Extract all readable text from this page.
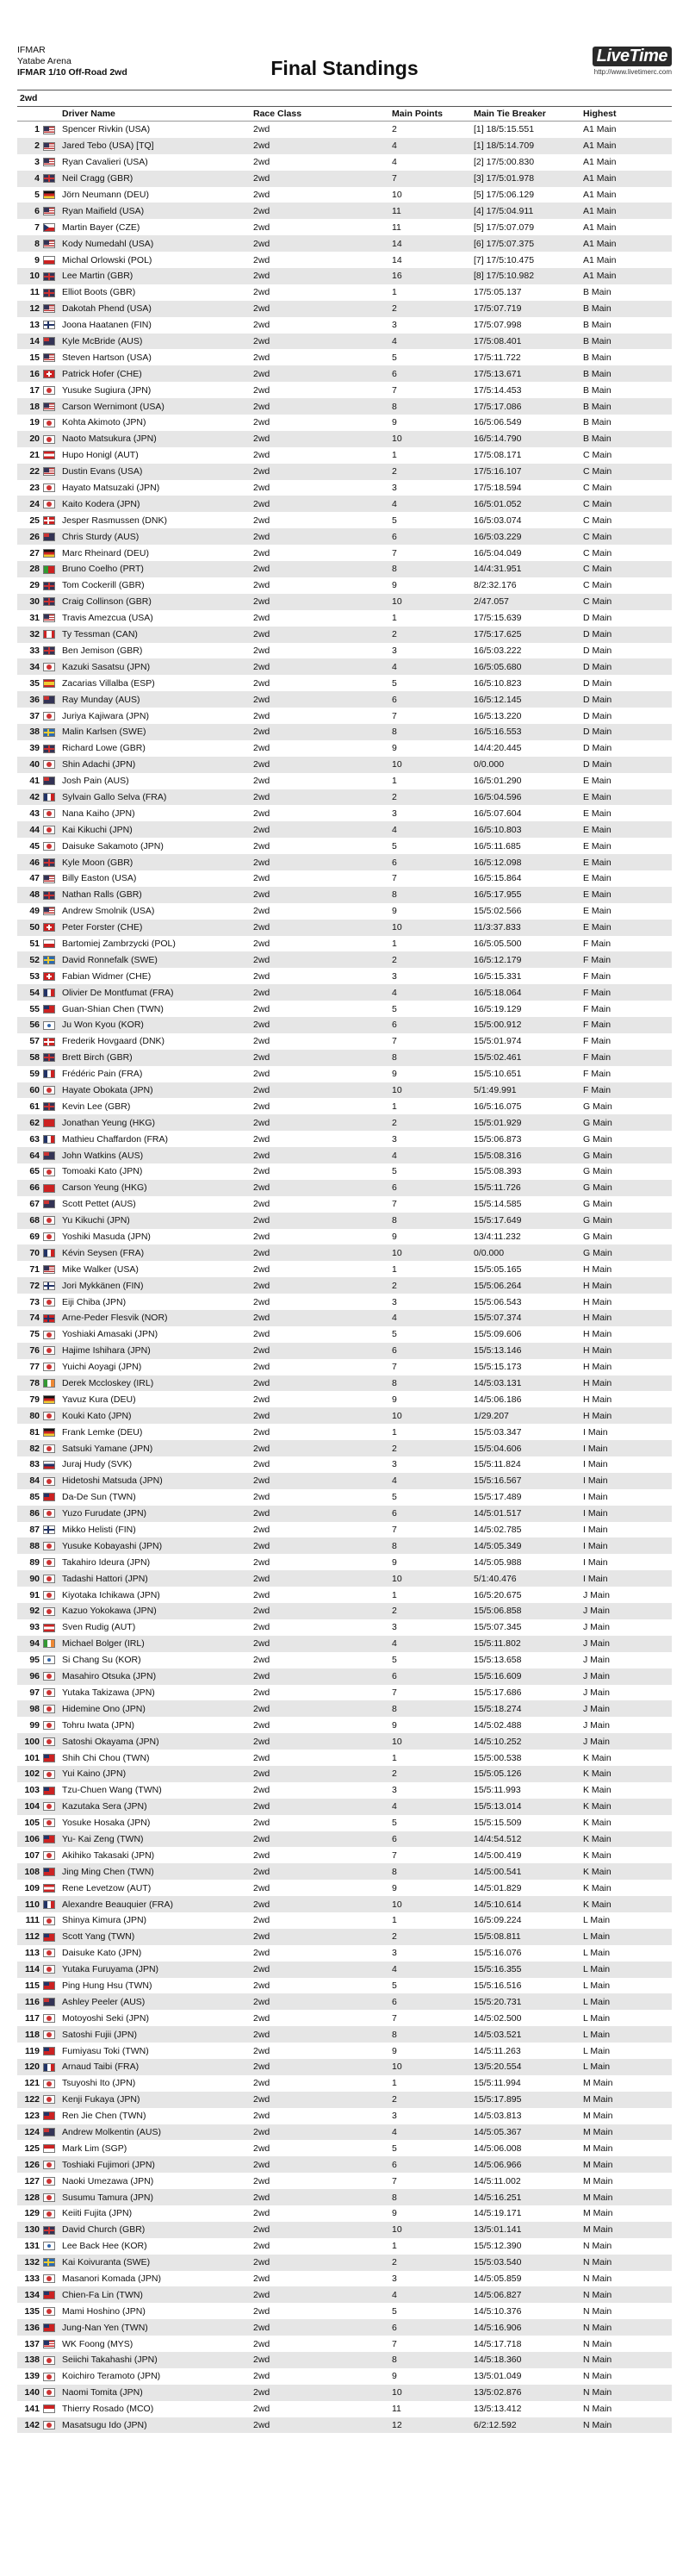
IFMAR
Yatabe Arena
IFMAR 1/10 Off-Road 2wd	Final Standings
LiveTime
http://www.livetimerc.com
2wd
		Driver Name	Race Class	Main Points	Main Tie Breaker	Highest
1		Spencer Rivkin (USA)	2wd	2	[1] 18/5:15.551	A1 Main
2		Jared Tebo (USA) [TQ]	2wd	4	[1] 18/5:14.709	A1 Main
3		Ryan Cavalieri (USA)	2wd	4	[2] 17/5:00.830	A1 Main
4		Neil Cragg (GBR)	2wd	7	[3] 17/5:01.978	A1 Main
5		Jörn Neumann (DEU)	2wd	10	[5] 17/5:06.129	A1 Main
6		Ryan Maifield (USA)	2wd	11	[4] 17/5:04.911	A1 Main
7		Martin Bayer (CZE)	2wd	11	[5] 17/5:07.079	A1 Main
8		Kody Numedahl (USA)	2wd	14	[6] 17/5:07.375	A1 Main
9		Michal Orlowski (POL)	2wd	14	[7] 17/5:10.475	A1 Main
10		Lee Martin (GBR)	2wd	16	[8] 17/5:10.982	A1 Main
11		Elliot Boots (GBR)	2wd	1	17/5:05.137	B Main
12		Dakotah Phend (USA)	2wd	2	17/5:07.719	B Main
13		Joona Haatanen (FIN)	2wd	3	17/5:07.998	B Main
14		Kyle McBride (AUS)	2wd	4	17/5:08.401	B Main
15		Steven Hartson (USA)	2wd	5	17/5:11.722	B Main
16		Patrick Hofer (CHE)	2wd	6	17/5:13.671	B Main
17		Yusuke Sugiura (JPN)	2wd	7	17/5:14.453	B Main
18		Carson Wernimont (USA)	2wd	8	17/5:17.086	B Main
19		Kohta Akimoto (JPN)	2wd	9	16/5:06.549	B Main
20		Naoto Matsukura (JPN)	2wd	10	16/5:14.790	B Main
21		Hupo Honigl (AUT)	2wd	1	17/5:08.171	C Main
22		Dustin Evans (USA)	2wd	2	17/5:16.107	C Main
23		Hayato Matsuzaki (JPN)	2wd	3	17/5:18.594	C Main
24		Kaito Kodera (JPN)	2wd	4	16/5:01.052	C Main
25		Jesper Rasmussen (DNK)	2wd	5	16/5:03.074	C Main
26		Chris Sturdy (AUS)	2wd	6	16/5:03.229	C Main
27		Marc Rheinard (DEU)	2wd	7	16/5:04.049	C Main
28		Bruno Coelho (PRT)	2wd	8	14/4:31.951	C Main
29		Tom Cockerill (GBR)	2wd	9	8/2:32.176	C Main
30		Craig Collinson (GBR)	2wd	10	2/47.057	C Main
31		Travis Amezcua (USA)	2wd	1	17/5:15.639	D Main
32		Ty Tessman (CAN)	2wd	2	17/5:17.625	D Main
33		Ben Jemison (GBR)	2wd	3	16/5:03.222	D Main
34		Kazuki Sasatsu (JPN)	2wd	4	16/5:05.680	D Main
35		Zacarias Villalba (ESP)	2wd	5	16/5:10.823	D Main
36		Ray Munday (AUS)	2wd	6	16/5:12.145	D Main
37		Juriya Kajiwara (JPN)	2wd	7	16/5:13.220	D Main
38		Malin Karlsen (SWE)	2wd	8	16/5:16.553	D Main
39		Richard Lowe (GBR)	2wd	9	14/4:20.445	D Main
40		Shin Adachi (JPN)	2wd	10	0/0.000	D Main
41		Josh Pain (AUS)	2wd	1	16/5:01.290	E Main
42		Sylvain Gallo Selva (FRA)	2wd	2	16/5:04.596	E Main
43		Nana Kaiho (JPN)	2wd	3	16/5:07.604	E Main
44		Kai Kikuchi (JPN)	2wd	4	16/5:10.803	E Main
45		Daisuke Sakamoto (JPN)	2wd	5	16/5:11.685	E Main
46		Kyle Moon (GBR)	2wd	6	16/5:12.098	E Main
47		Billy Easton (USA)	2wd	7	16/5:15.864	E Main
48		Nathan Ralls (GBR)	2wd	8	16/5:17.955	E Main
49		Andrew Smolnik (USA)	2wd	9	15/5:02.566	E Main
50		Peter Forster (CHE)	2wd	10	11/3:37.833	E Main
51		Bartomiej Zambrzycki (POL)	2wd	1	16/5:05.500	F Main
52		David Ronnefalk (SWE)	2wd	2	16/5:12.179	F Main
53		Fabian Widmer (CHE)	2wd	3	16/5:15.331	F Main
54		Olivier De Montfumat (FRA)	2wd	4	16/5:18.064	F Main
55		Guan-Shian Chen (TWN)	2wd	5	16/5:19.129	F Main
56		Ju Won Kyou (KOR)	2wd	6	15/5:00.912	F Main
57		Frederik Hovgaard (DNK)	2wd	7	15/5:01.974	F Main
58		Brett Birch (GBR)	2wd	8	15/5:02.461	F Main
59		Frédéric Pain (FRA)	2wd	9	15/5:10.651	F Main
60		Hayate Obokata (JPN)	2wd	10	5/1:49.991	F Main
61		Kevin Lee (GBR)	2wd	1	16/5:16.075	G Main
62		Jonathan Yeung (HKG)	2wd	2	15/5:01.929	G Main
63		Mathieu Chaffardon (FRA)	2wd	3	15/5:06.873	G Main
64		John Watkins (AUS)	2wd	4	15/5:08.316	G Main
65		Tomoaki Kato (JPN)	2wd	5	15/5:08.393	G Main
66		Carson Yeung (HKG)	2wd	6	15/5:11.726	G Main
67		Scott Pettet (AUS)	2wd	7	15/5:14.585	G Main
68		Yu Kikuchi (JPN)	2wd	8	15/5:17.649	G Main
69		Yoshiki Masuda (JPN)	2wd	9	13/4:11.232	G Main
70		Kévin Seysen (FRA)	2wd	10	0/0.000	G Main
71		Mike Walker (USA)	2wd	1	15/5:05.165	H Main
72		Jori Mykkänen (FIN)	2wd	2	15/5:06.264	H Main
73		Eiji Chiba (JPN)	2wd	3	15/5:06.543	H Main
74		Arne-Peder Flesvik (NOR)	2wd	4	15/5:07.374	H Main
75		Yoshiaki Amasaki (JPN)	2wd	5	15/5:09.606	H Main
76		Hajime Ishihara (JPN)	2wd	6	15/5:13.146	H Main
77		Yuichi Aoyagi (JPN)	2wd	7	15/5:15.173	H Main
78		Derek Mccloskey (IRL)	2wd	8	14/5:03.131	H Main
79		Yavuz Kura (DEU)	2wd	9	14/5:06.186	H Main
80		Kouki Kato (JPN)	2wd	10	1/29.207	H Main
81		Frank Lemke (DEU)	2wd	1	15/5:03.347	I Main
82		Satsuki Yamane (JPN)	2wd	2	15/5:04.606	I Main
83		Juraj Hudy (SVK)	2wd	3	15/5:11.824	I Main
84		Hidetoshi Matsuda (JPN)	2wd	4	15/5:16.567	I Main
85		Da-De Sun (TWN)	2wd	5	15/5:17.489	I Main
86		Yuzo Furudate (JPN)	2wd	6	14/5:01.517	I Main
87		Mikko Helisti (FIN)	2wd	7	14/5:02.785	I Main
88		Yusuke Kobayashi (JPN)	2wd	8	14/5:05.349	I Main
89		Takahiro Ideura (JPN)	2wd	9	14/5:05.988	I Main
90		Tadashi Hattori (JPN)	2wd	10	5/1:40.476	I Main
91		Kiyotaka Ichikawa (JPN)	2wd	1	16/5:20.675	J Main
92		Kazuo Yokokawa (JPN)	2wd	2	15/5:06.858	J Main
93		Sven Rudig (AUT)	2wd	3	15/5:07.345	J Main
94		Michael Bolger (IRL)	2wd	4	15/5:11.802	J Main
95		Si Chang Su (KOR)	2wd	5	15/5:13.658	J Main
96		Masahiro Otsuka (JPN)	2wd	6	15/5:16.609	J Main
97		Yutaka Takizawa (JPN)	2wd	7	15/5:17.686	J Main
98		Hidemine Ono (JPN)	2wd	8	15/5:18.274	J Main
99		Tohru Iwata (JPN)	2wd	9	14/5:02.488	J Main
100		Satoshi Okayama (JPN)	2wd	10	14/5:10.252	J Main
101		Shih Chi Chou (TWN)	2wd	1	15/5:00.538	K Main
102		Yui Kaino (JPN)	2wd	2	15/5:05.126	K Main
103		Tzu-Chuen Wang (TWN)	2wd	3	15/5:11.993	K Main
104		Kazutaka Sera (JPN)	2wd	4	15/5:13.014	K Main
105		Yosuke Hosaka (JPN)	2wd	5	15/5:15.509	K Main
106		Yu- Kai Zeng (TWN)	2wd	6	14/4:54.512	K Main
107		Akihiko Takasaki (JPN)	2wd	7	14/5:00.419	K Main
108		Jing Ming Chen (TWN)	2wd	8	14/5:00.541	K Main
109		Rene Levetzow (AUT)	2wd	9	14/5:01.829	K Main
110		Alexandre Beauquier (FRA)	2wd	10	14/5:10.614	K Main
111		Shinya Kimura (JPN)	2wd	1	16/5:09.224	L Main
112		Scott Yang (TWN)	2wd	2	15/5:08.811	L Main
113		Daisuke Kato (JPN)	2wd	3	15/5:16.076	L Main
114		Yutaka Furuyama (JPN)	2wd	4	15/5:16.355	L Main
115		Ping Hung Hsu (TWN)	2wd	5	15/5:16.516	L Main
116		Ashley Peeler (AUS)	2wd	6	15/5:20.731	L Main
117		Motoyoshi Seki (JPN)	2wd	7	14/5:02.500	L Main
118		Satoshi Fujii (JPN)	2wd	8	14/5:03.521	L Main
119		Fumiyasu Toki (TWN)	2wd	9	14/5:11.263	L Main
120		Arnaud Taibi (FRA)	2wd	10	13/5:20.554	L Main
121		Tsuyoshi Ito (JPN)	2wd	1	15/5:11.994	M Main
122		Kenji Fukaya (JPN)	2wd	2	15/5:17.895	M Main
123		Ren Jie Chen (TWN)	2wd	3	14/5:03.813	M Main
124		Andrew Molkentin (AUS)	2wd	4	14/5:05.367	M Main
125		Mark Lim (SGP)	2wd	5	14/5:06.008	M Main
126		Toshiaki Fujimori (JPN)	2wd	6	14/5:06.966	M Main
127		Naoki Umezawa (JPN)	2wd	7	14/5:11.002	M Main
128		Susumu Tamura (JPN)	2wd	8	14/5:16.251	M Main
129		Keiiti Fujita (JPN)	2wd	9	14/5:19.171	M Main
130		David Church (GBR)	2wd	10	13/5:01.141	M Main
131		Lee Back Hee (KOR)	2wd	1	15/5:12.390	N Main
132		Kai Koivuranta (SWE)	2wd	2	15/5:03.540	N Main
133		Masanori Komada (JPN)	2wd	3	14/5:05.859	N Main
134		Chien-Fa Lin (TWN)	2wd	4	14/5:06.827	N Main
135		Mami Hoshino (JPN)	2wd	5	14/5:10.376	N Main
136		Jung-Nan Yen (TWN)	2wd	6	14/5:16.906	N Main
137		WK Foong (MYS)	2wd	7	14/5:17.718	N Main
138		Seiichi Takahashi (JPN)	2wd	8	14/5:18.360	N Main
139		Koichiro Teramoto (JPN)	2wd	9	13/5:01.049	N Main
140		Naomi Tomita (JPN)	2wd	10	13/5:02.876	N Main
141		Thierry Rosado (MCO)	2wd	11	13/5:13.412	N Main
142		Masatsugu Ido (JPN)	2wd	12	6/2:12.592	N Main
